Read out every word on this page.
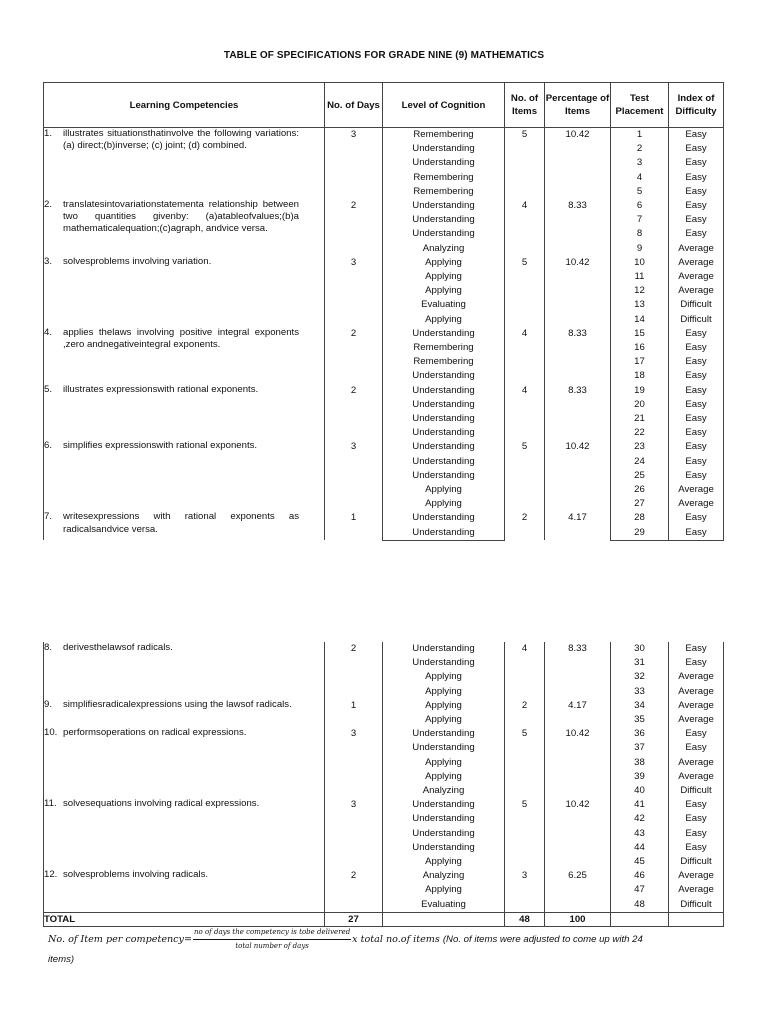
TABLE OF SPECIFICATIONS FOR GRADE NINE (9) MATHEMATICS
Learning Competencies	No. of Days	Level of Cognition	No. of Items	Percentage of Items	Test Placement	Index of Difficulty
1. illustrates situationsthatinvolve the following variations:(a) direct;(b)inverse; (c) joint; (d) combined.	3	Remembering	5	10.42	1	Easy
		Understanding			2	Easy
		Understanding			3	Easy
		Remembering			4	Easy
		Remembering			5	Easy
2. translatesintovariationstatementa relationship between two quantities givenby: (a)atableofvalues;(b)a mathematicalequation;(c)agraph, andvice versa.	2	Understanding	4	8.33	6	Easy
		Understanding			7	Easy
		Understanding			8	Easy
		Analyzing			9	Average
3. solvesproblems involving variation.	3	Applying	5	10.42	10	Average
		Applying			11	Average
		Applying			12	Average
		Evaluating			13	Difficult
		Applying			14	Difficult
4. applies thelaws involving positive integral exponents ,zero andnegativeintegral exponents.	2	Understanding	4	8.33	15	Easy
		Remembering			16	Easy
		Remembering			17	Easy
		Understanding			18	Easy
5. illustrates expressionswith rational exponents.	2	Understanding	4	8.33	19	Easy
		Understanding			20	Easy
		Understanding			21	Easy
		Understanding			22	Easy
6. simplifies expressionswith rational exponents.	3	Understanding	5	10.42	23	Easy
		Understanding			24	Easy
		Understanding			25	Easy
		Applying			26	Average
		Applying			27	Average
7. writesexpressions with rational exponents as radicalsandvice versa.	1	Understanding	2	4.17	28	Easy
		Understanding			29	Easy
8. derivesthelawsof radicals.	2	Understanding	4	8.33	30	Easy
		Understanding			31	Easy
		Applying			32	Average
		Applying			33	Average
9. simplifiesradicalexpressions using the lawsof radicals.	1	Applying	2	4.17	34	Average
		Applying			35	Average
10. performsoperations on radical expressions.	3	Understanding	5	10.42	36	Easy
		Understanding			37	Easy
		Applying			38	Average
		Applying			39	Average
		Analyzing			40	Difficult
11. solvesequations involving radical expressions.	3	Understanding	5	10.42	41	Easy
		Understanding			42	Easy
		Understanding			43	Easy
		Understanding			44	Easy
		Applying			45	Difficult
12. solvesproblems involving radicals.	2	Analyzing	3	6.25	46	Average
		Applying			47	Average
		Evaluating			48	Difficult
TOTAL	27		48	100		
No. of Item per competency= $\frac{\text{no of days the competency is tobe delivered}}{\text{total number of days}}$ x total no.of items (No. of items were adjusted to come up with 24
items)
